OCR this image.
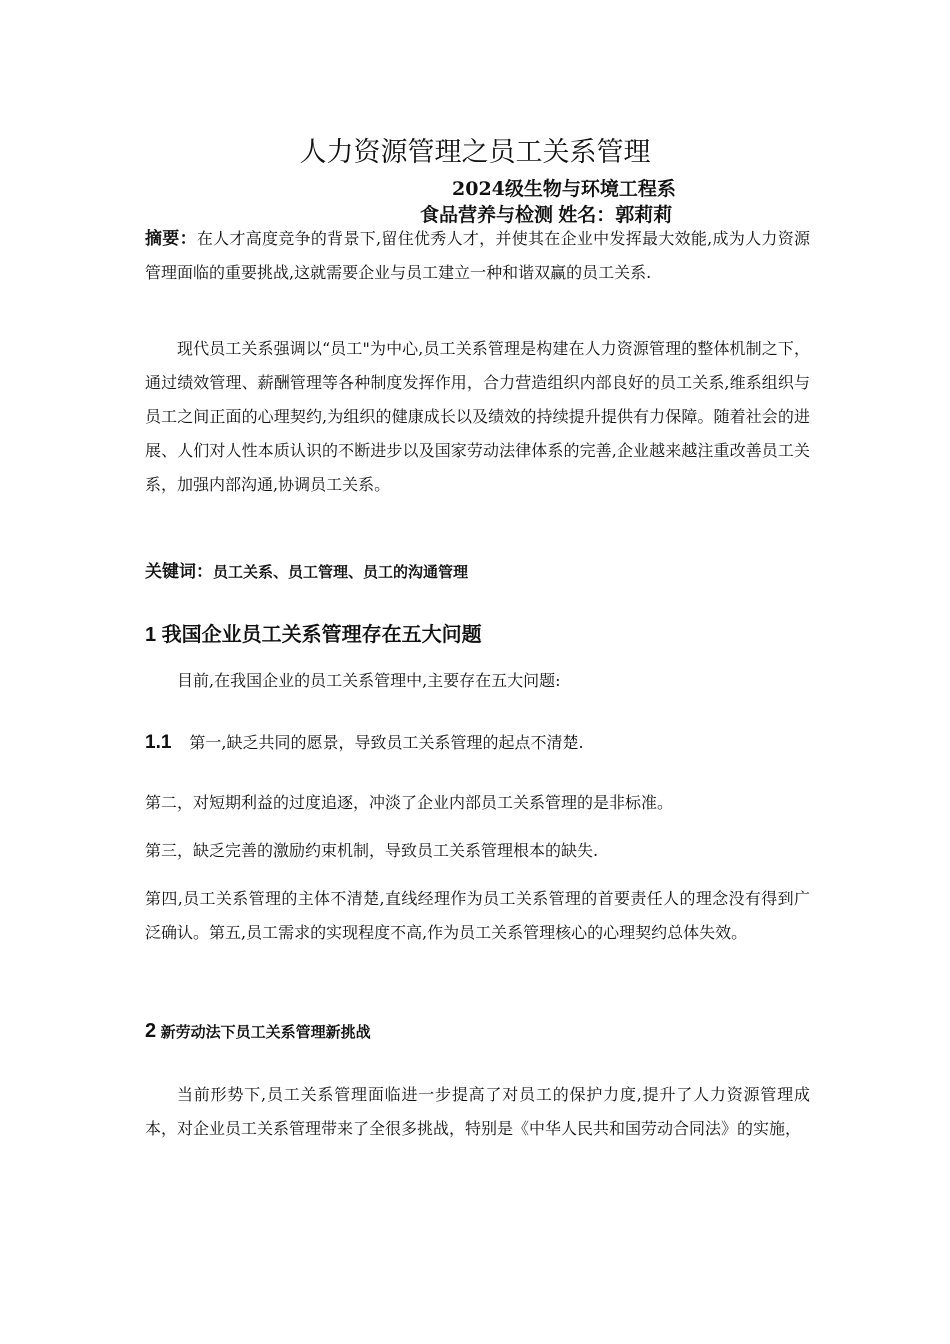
人力资源管理之员工关系管理
2024级生物与环境工程系
食品营养与检测 姓名：郭莉莉
摘要：在人才高度竞争的背景下,留住优秀人才，并使其在企业中发挥最大效能,成为人力资源管理面临的重要挑战,这就需要企业与员工建立一种和谐双赢的员工关系.
现代员工关系强调以“员工"为中心,员工关系管理是构建在人力资源管理的整体机制之下，通过绩效管理、薪酬管理等各种制度发挥作用，合力营造组织内部良好的员工关系,维系组织与员工之间正面的心理契约,为组织的健康成长以及绩效的持续提升提供有力保障。随着社会的进展、人们对人性本质认识的不断进步以及国家劳动法律体系的完善,企业越来越注重改善员工关系，加强内部沟通,协调员工关系。
关键词：员工关系、员工管理、员工的沟通管理
1 我国企业员工关系管理存在五大问题
目前,在我国企业的员工关系管理中,主要存在五大问题:
1.1 第一,缺乏共同的愿景，导致员工关系管理的起点不清楚.
第二，对短期利益的过度追逐，冲淡了企业内部员工关系管理的是非标准。
第三，缺乏完善的激励约束机制，导致员工关系管理根本的缺失.
第四,员工关系管理的主体不清楚,直线经理作为员工关系管理的首要责任人的理念没有得到广泛确认。第五,员工需求的实现程度不高,作为员工关系管理核心的心理契约总体失效。
2 新劳动法下员工关系管理新挑战
当前形势下,员工关系管理面临进一步提高了对员工的保护力度,提升了人力资源管理成本，对企业员工关系管理带来了全很多挑战，特别是《中华人民共和国劳动合同法》的实施，
